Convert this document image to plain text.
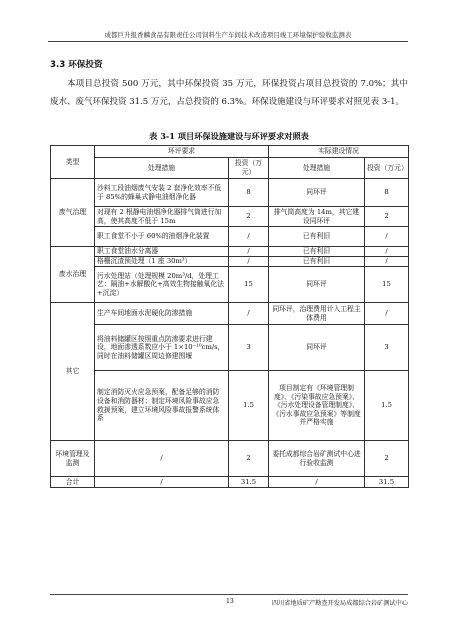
成都巨升报香麟食品有限责任公司饲料生产车间技术改造项目竣工环境保护验收监测表
3.3 环保投资

本项目总投资 500 万元，其中环保投资 35 万元，环保投资占项目总投资的 7.0%；其中废水、废气环保投资 31.5 万元，占总投资的 6.3%。环保设施建设与环评要求对照见表 3-1。

表 3-1 项目环保设施建设与环评要求对照表
类型	环评要求		实际建设情况	
	处理措施	投资（万元）	处理措施	投资（万元）
废气治理	沙料工段油烟废气安装 2 套净化效率不低于 85%的蜂巢式静电油烟净化器	8	同环评	8
	对现有 2 根静电油烟净化器排气筒进行加高，使其高度不低于 15m	2	排气筒高度为 14m，其它建设同环评	2
	职工食堂不小于 60%的油烟净化装置	/	已有利旧	/
废水治理	职工食堂油水分离器	/	已有利旧	/
	格栅沉渣预处理（1 座 30m³）	/	已有利旧	/
	污水处理站（处理规模 20m³/d，处理工艺：隔油+水解酸化+高效生物接触氧化法+沉淀）	15	同环评	15
其它	生产车间地面水泥硬化防渗措施	/	同环评，治理费用计入工程主体费用	/
	将油料储罐区按照重点防渗要求进行建设，地面渗透系数应小于 1×10⁻¹⁰cm/s，同时在油料储罐区周边修建围堰	3	同环评	3
	制定消防灭火应急预案，配备足够的消防设备和消防器材；制定环境风险事故应急救援预案，建立环境风险事故报警系统体系	1.5	项目制定有《环境管理制度》、《污染事故应急预案》、《污水处理设备管理制度》、《污水事故应急预案》等制度并严格实施	1.5
环境管理及监测	/	2	委托成都综合岩矿测试中心进行验收监测	2
合计	/	31.5	/	31.5
13	四川省地质矿产勘查开发局成都综合岩矿测试中心
